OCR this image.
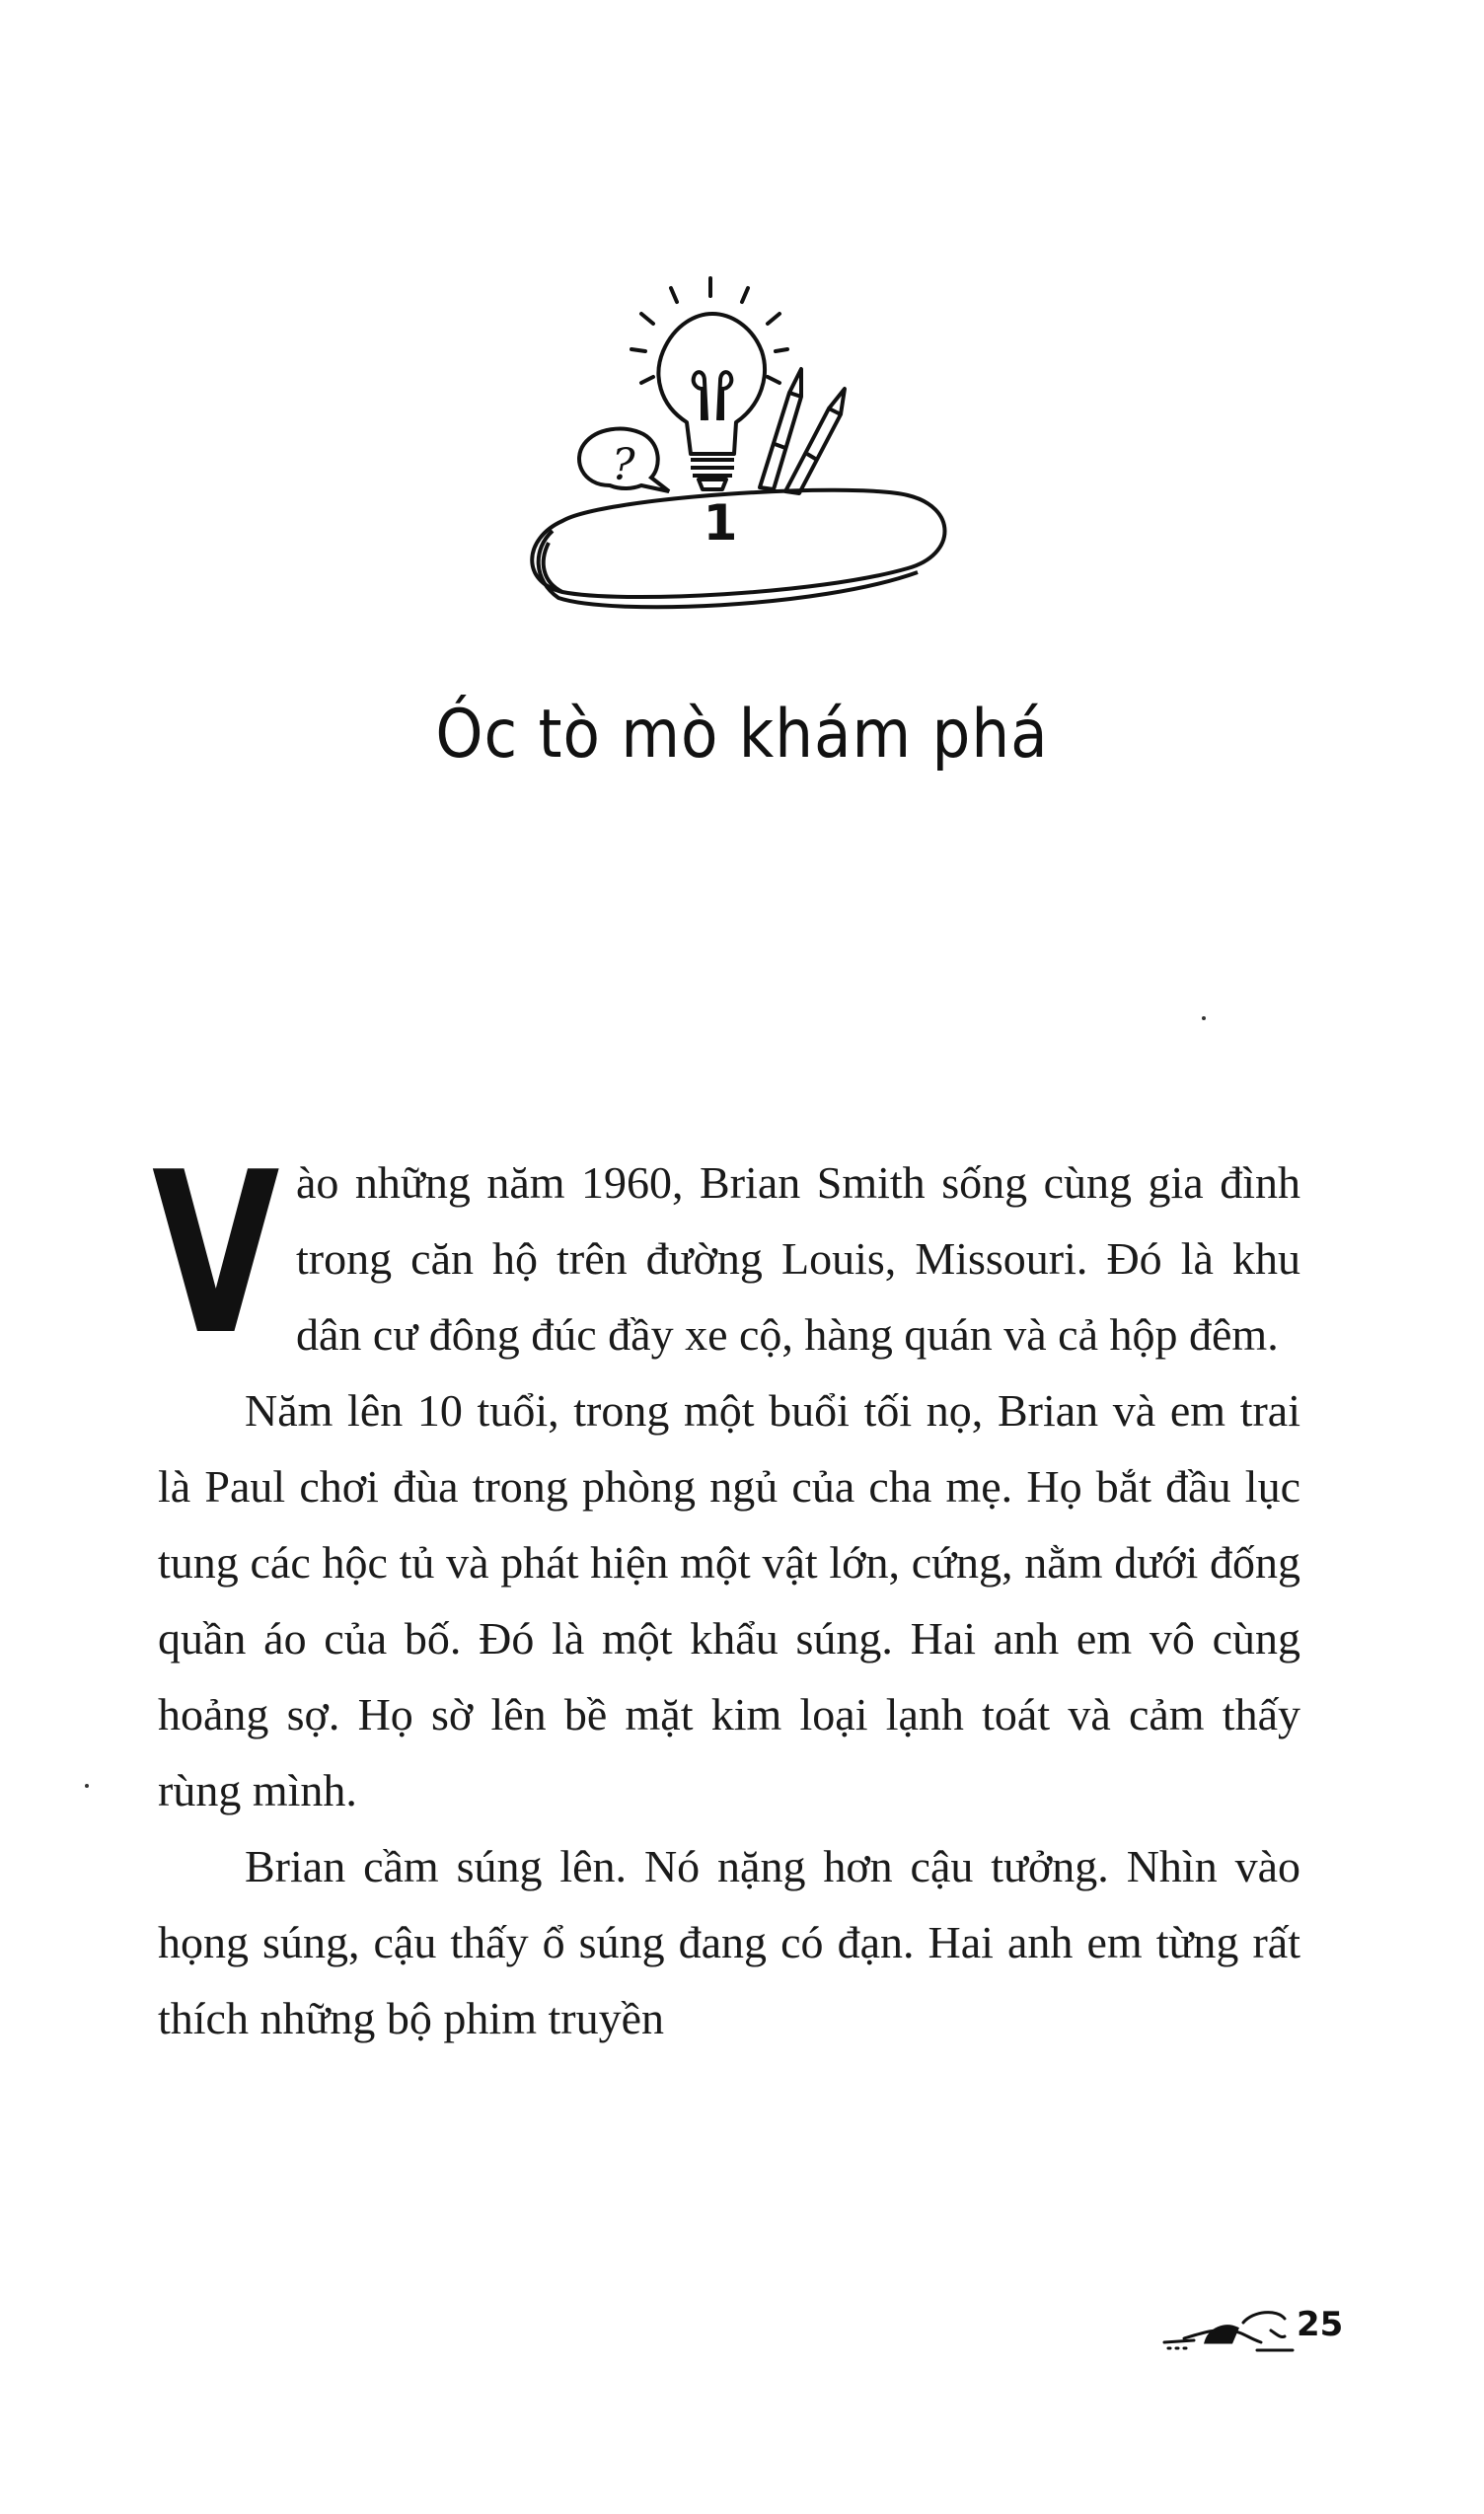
?
1
Óc tò mò khám phá

Vào những năm 1960, Brian Smith sống cùng gia đình trong căn hộ trên đường Louis, Missouri. Đó là khu dân cư đông đúc đầy xe cộ, hàng quán và cả hộp đêm.

Năm lên 10 tuổi, trong một buổi tối nọ, Brian và em trai là Paul chơi đùa trong phòng ngủ của cha mẹ. Họ bắt đầu lục tung các hộc tủ và phát hiện một vật lớn, cứng, nằm dưới đống quần áo của bố. Đó là một khẩu súng. Hai anh em vô cùng hoảng sợ. Họ sờ lên bề mặt kim loại lạnh toát và cảm thấy rùng mình.

Brian cầm súng lên. Nó nặng hơn cậu tưởng. Nhìn vào họng súng, cậu thấy ổ súng đang có đạn. Hai anh em từng rất thích những bộ phim truyền

25
